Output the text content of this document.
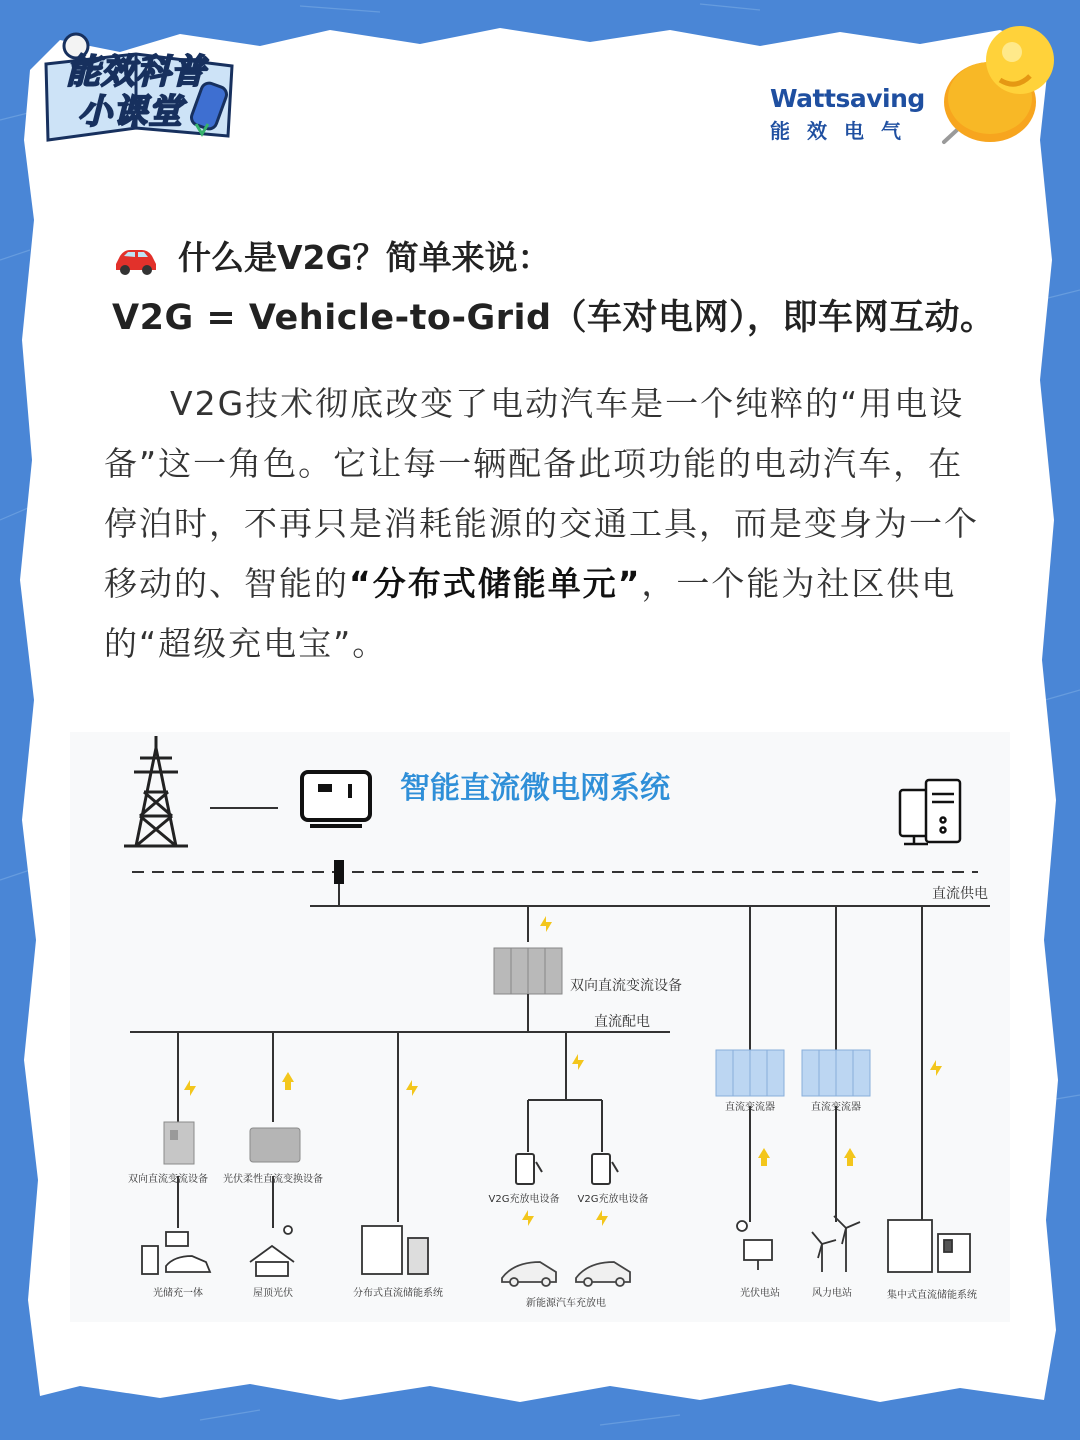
能效科普
小课堂	Wattsaving
能效电气
什么是V2G？简单来说：
V2G = Vehicle-to-Grid（车对电网），即车网互动。
V2G技术彻底改变了电动汽车是一个纯粹的“用电设备”这一角色。它让每一辆配备此项功能的电动汽车，在停泊时，不再只是消耗能源的交通工具，而是变身为一个移动的、智能的“分布式储能单元”，一个能为社区供电的“超级充电宝”。
智能直流微电网系统
直流供电
双向直流变流设备
直流配电
双向直流变流设备 光伏柔性直流变换设备
V2G充放电设备 V2G充放电设备
直流变流器	直流变流器
光储充一体	屋顶光伏	分布式直流储能系统
新能源汽车充放电
光伏电站	风力电站	集中式直流储能系统
